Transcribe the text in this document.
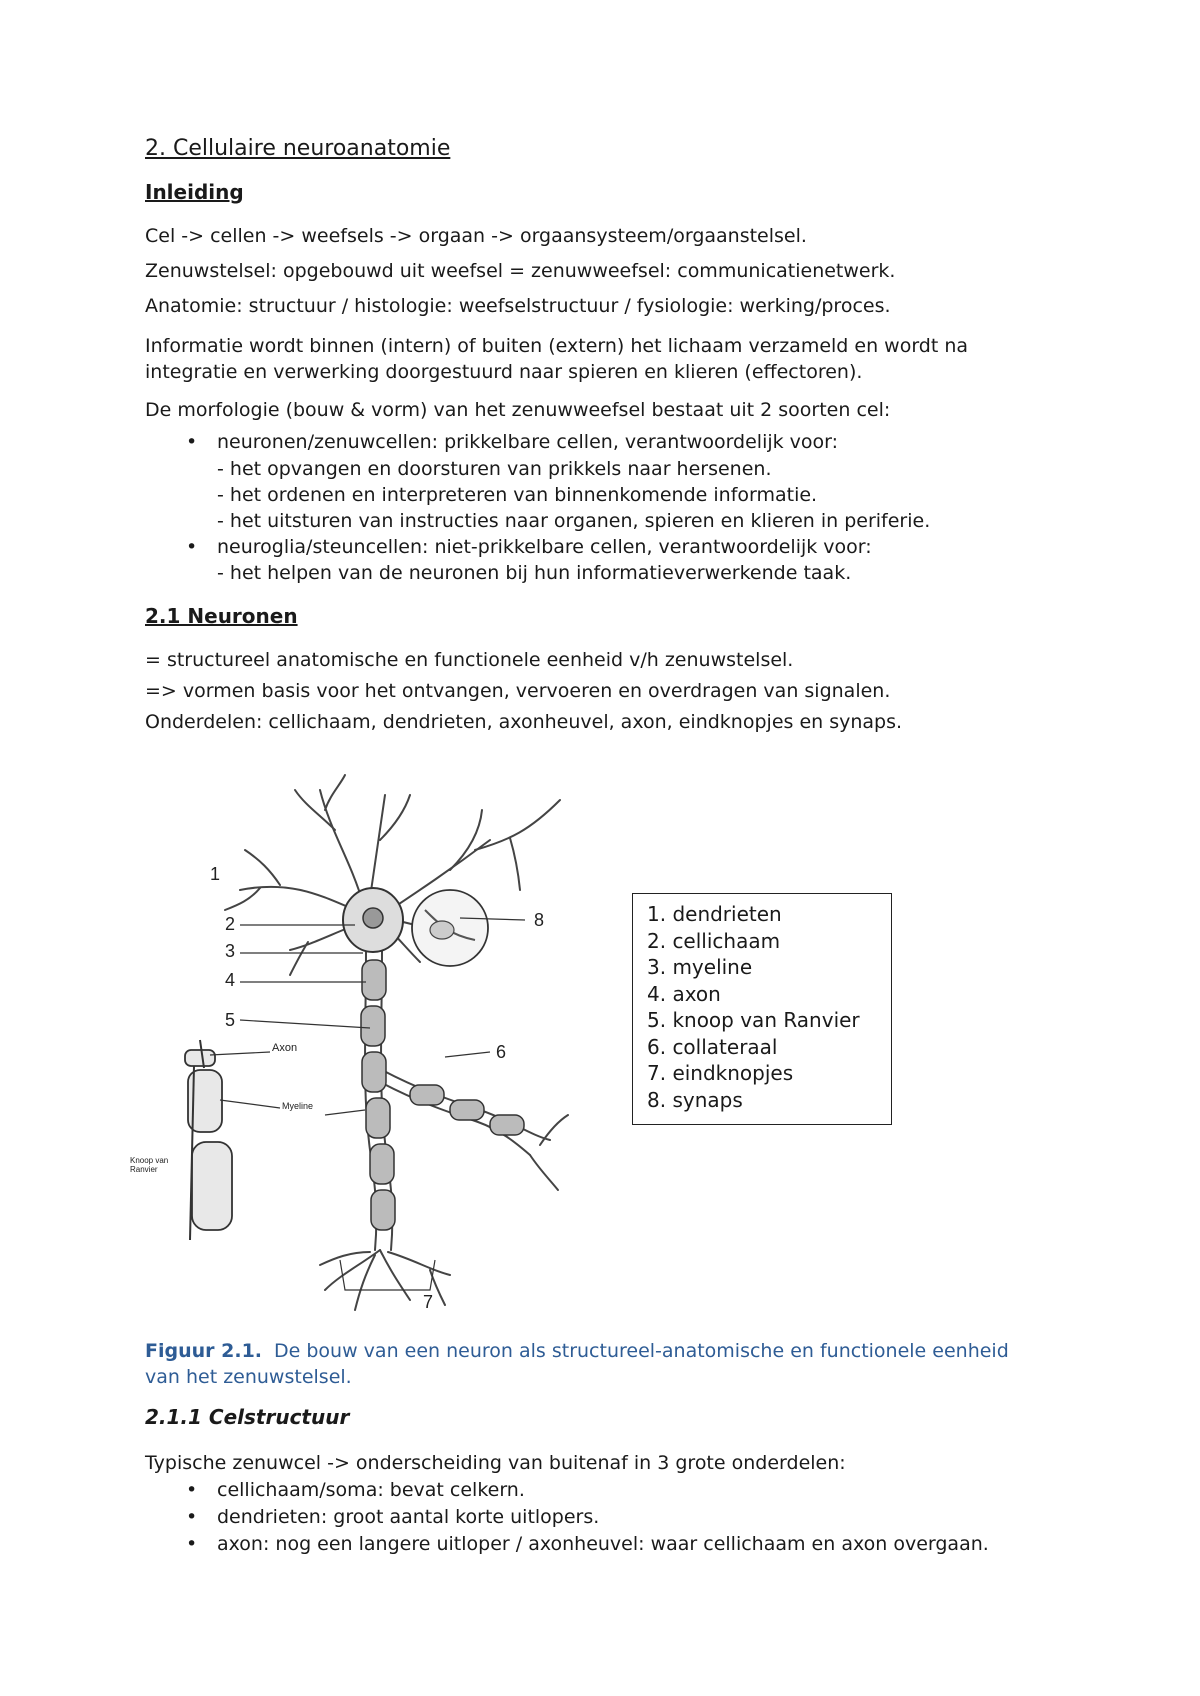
2. Cellulaire neuroanatomie
Inleiding

Cel -> cellen -> weefsels -> orgaan -> orgaansysteem/orgaanstelsel.

Zenuwstelsel: opgebouwd uit weefsel = zenuwweefsel: communicatienetwerk.

Anatomie: structuur / histologie: weefselstructuur / fysiologie: werking/proces.

Informatie wordt binnen (intern) of buiten (extern) het lichaam verzameld en wordt na integratie en verwerking doorgestuurd naar spieren en klieren (effectoren).

De morfologie (bouw & vorm) van het zenuwweefsel bestaat uit 2 soorten cel:

• neuronen/zenuwcellen: prikkelbare cellen, verantwoordelijk voor:
- het opvangen en doorsturen van prikkels naar hersenen.
- het ordenen en interpreteren van binnenkomende informatie.
- het uitsturen van instructies naar organen, spieren en klieren in periferie.
• neuroglia/steuncellen: niet-prikkelbare cellen, verantwoordelijk voor:
- het helpen van de neuronen bij hun informatieverwerkende taak.
2.1 Neuronen

= structureel anatomische en functionele eenheid v/h zenuwstelsel.

=> vormen basis voor het ontvangen, vervoeren en overdragen van signalen.

Onderdelen: cellichaam, dendrieten, axonheuvel, axon, eindknopjes en synaps.

1
2
3
4
5
6
7
8
Axon
Myeline
Knoop van Ranvier
1. dendrieten
2. cellichaam
3. myeline
4. axon
5. knoop van Ranvier
6. collateraal
7. eindknopjes
8. synaps
Figuur 2.1. De bouw van een neuron als structureel-anatomische en functionele eenheid van het zenuwstelsel.
2.1.1 Celstructuur

Typische zenuwcel -> onderscheiding van buitenaf in 3 grote onderdelen:

• cellichaam/soma: bevat celkern.
• dendrieten: groot aantal korte uitlopers.
• axon: nog een langere uitloper / axonheuvel: waar cellichaam en axon overgaan.
